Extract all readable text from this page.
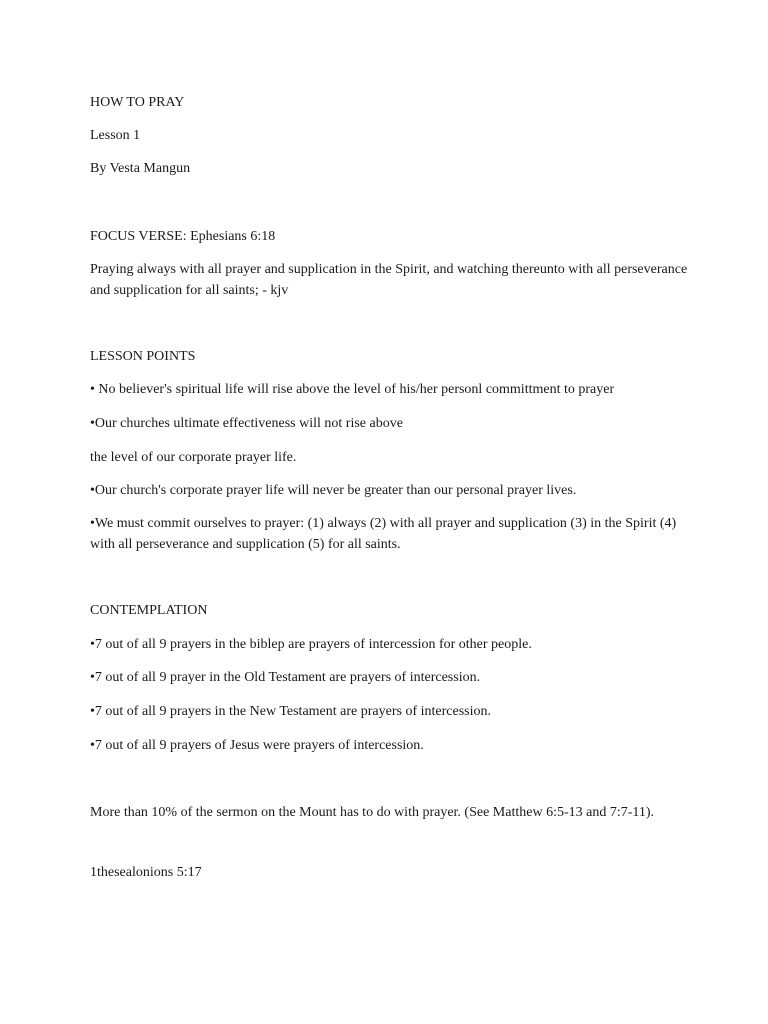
HOW TO PRAY
Lesson 1
By Vesta Mangun
FOCUS VERSE: Ephesians 6:18
Praying always with all prayer and supplication in the Spirit, and watching thereunto with all perseverance and supplication for all saints; - kjv
LESSON POINTS
• No believer's spiritual life will rise above the level of his/her personl committment to prayer
•Our churches ultimate effectiveness will not rise above
the level of our corporate prayer life.
•Our church's corporate prayer life will never be greater than our personal prayer lives.
•We must commit ourselves to prayer: (1) always (2) with all prayer and supplication (3) in the Spirit (4) with all perseverance and supplication (5) for all saints.
CONTEMPLATION
•7 out of all 9 prayers in the biblep are prayers of intercession for other people.
•7 out of all 9 prayer in the Old Testament are prayers of intercession.
•7 out of all 9 prayers in the New Testament are prayers of intercession.
•7 out of all 9 prayers of Jesus were prayers of intercession.
More than 10% of the sermon on the Mount has to do with prayer. (See Matthew 6:5-13 and 7:7-11).
1thesealonions 5:17
